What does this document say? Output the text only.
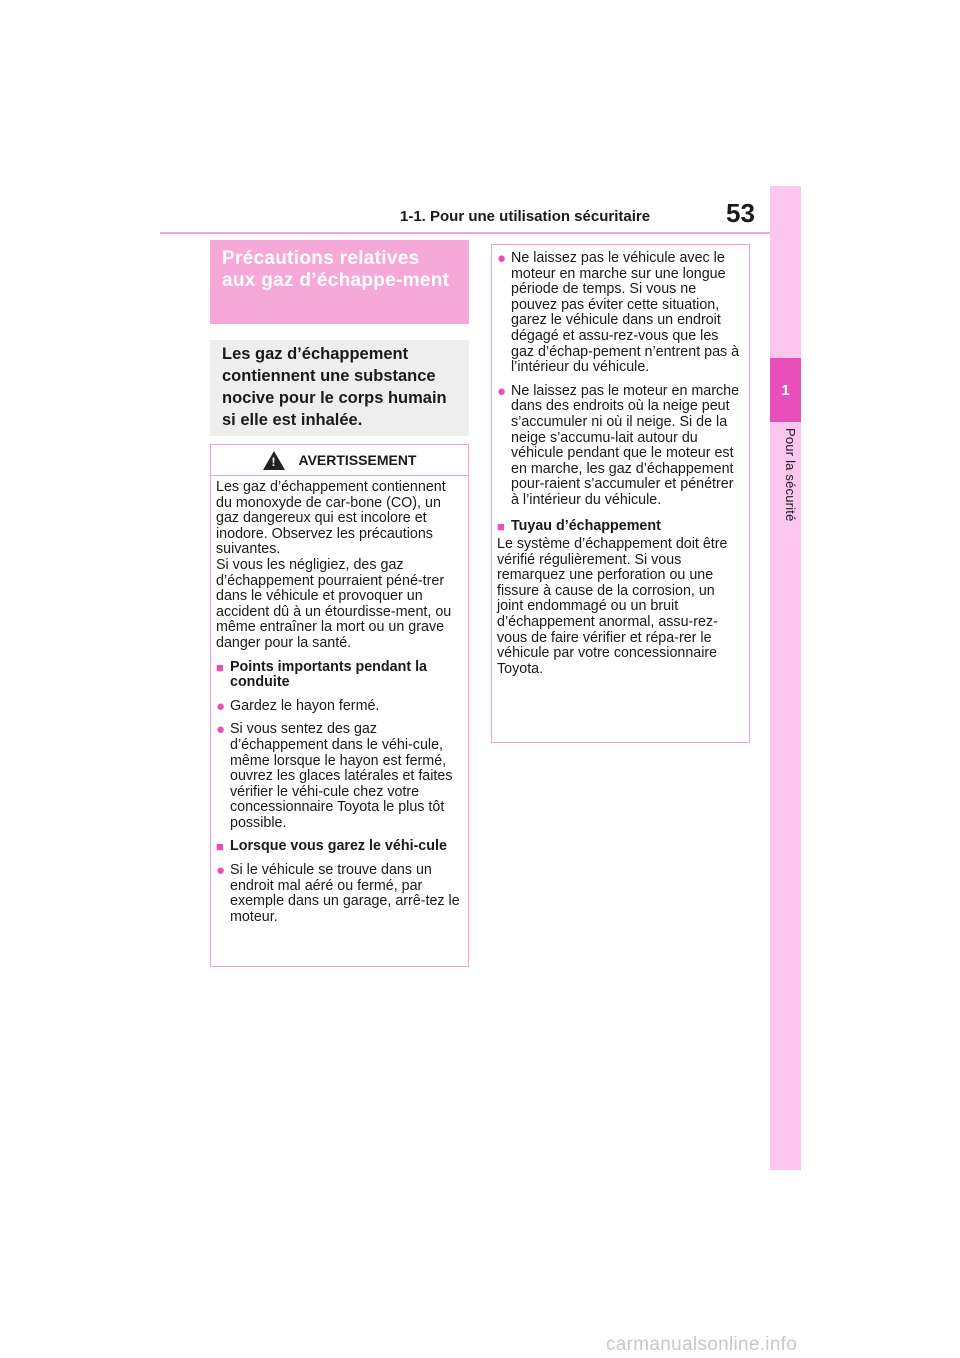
1-1. Pour une utilisation sécuritaire	53
1
Pour la sécurité
Précautions relatives aux gaz d’échappe-ment
Les gaz d’échappement contiennent une substance nocive pour le corps humain si elle est inhalée.
! AVERTISSEMENT
Les gaz d’échappement contiennent du monoxyde de car-bone (CO), un gaz dangereux qui est incolore et inodore. Observez les précautions suivantes.
Si vous les négligiez, des gaz d’échappement pourraient péné-trer dans le véhicule et provoquer un accident dû à un étourdisse-ment, ou même entraîner la mort ou un grave danger pour la santé.
■ Points importants pendant la conduite
● Gardez le hayon fermé.
● Si vous sentez des gaz d’échappement dans le véhi-cule, même lorsque le hayon est fermé, ouvrez les glaces latérales et faites vérifier le véhi-cule chez votre concessionnaire Toyota le plus tôt possible.
■ Lorsque vous garez le véhi-cule
● Si le véhicule se trouve dans un endroit mal aéré ou fermé, par exemple dans un garage, arrê-tez le moteur.
● Ne laissez pas le véhicule avec le moteur en marche sur une longue période de temps. Si vous ne pouvez pas éviter cette situation, garez le véhicule dans un endroit dégagé et assu-rez-vous que les gaz d’échap-pement n’entrent pas à l’intérieur du véhicule.
● Ne laissez pas le moteur en marche dans des endroits où la neige peut s’accumuler ni où il neige. Si de la neige s’accumu-lait autour du véhicule pendant que le moteur est en marche, les gaz d’échappement pour-raient s’accumuler et pénétrer à l’intérieur du véhicule.
■ Tuyau d’échappement
Le système d’échappement doit être vérifié régulièrement. Si vous remarquez une perforation ou une fissure à cause de la corrosion, un joint endommagé ou un bruit d’échappement anormal, assu-rez-vous de faire vérifier et répa-rer le véhicule par votre concessionnaire Toyota.
carmanualsonline.info
